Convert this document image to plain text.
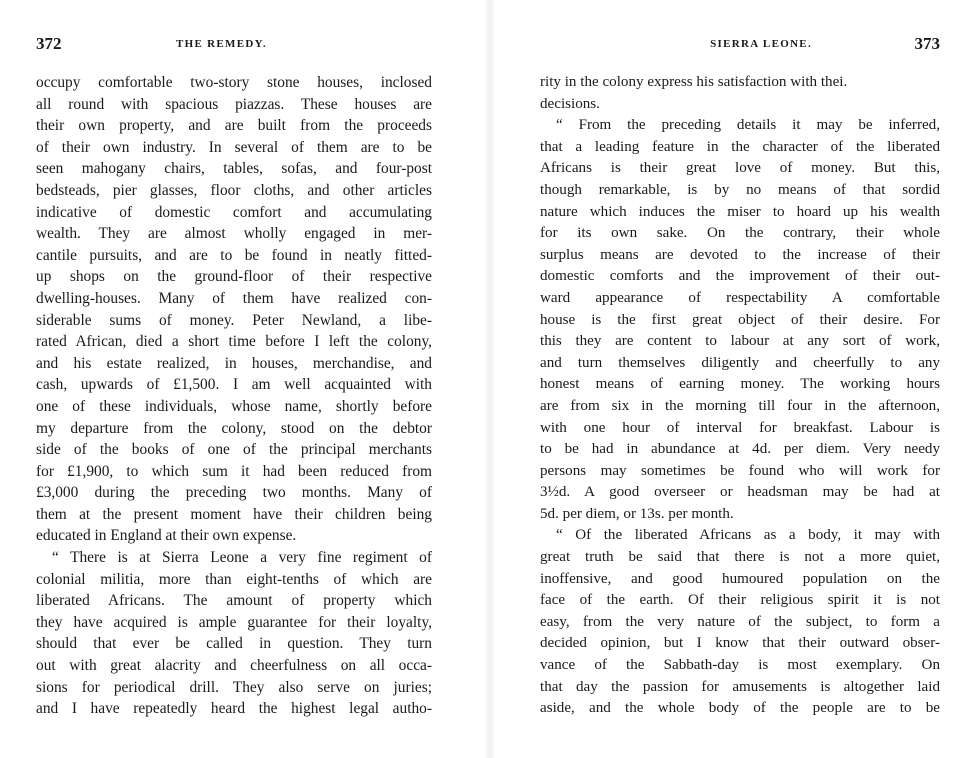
372	THE REMEDY.
occupy comfortable two-story stone houses, inclosed
all round with spacious piazzas. These houses are
their own property, and are built from the proceeds
of their own industry. In several of them are to be
seen mahogany chairs, tables, sofas, and four-post
bedsteads, pier glasses, floor cloths, and other articles
indicative of domestic comfort and accumulating
wealth. They are almost wholly engaged in mer-
cantile pursuits, and are to be found in neatly fitted-
up shops on the ground-floor of their respective
dwelling-houses. Many of them have realized con-
siderable sums of money. Peter Newland, a libe-
rated African, died a short time before I left the colony,
and his estate realized, in houses, merchandise, and
cash, upwards of £1,500. I am well acquainted with
one of these individuals, whose name, shortly before
my departure from the colony, stood on the debtor
side of the books of one of the principal merchants
for £1,900, to which sum it had been reduced from
£3,000 during the preceding two months. Many of
them at the present moment have their children being
educated in England at their own expense.
“ There is at Sierra Leone a very fine regiment of
colonial militia, more than eight-tenths of which are
liberated Africans. The amount of property which
they have acquired is ample guarantee for their loyalty,
should that ever be called in question. They turn
out with great alacrity and cheerfulness on all occa-
sions for periodical drill. They also serve on juries;
and I have repeatedly heard the highest legal autho-
SIERRA LEONE.	373
rity in the colony express his satisfaction with thei.
decisions.
“ From the preceding details it may be inferred,
that a leading feature in the character of the liberated
Africans is their great love of money. But this,
though remarkable, is by no means of that sordid
nature which induces the miser to hoard up his wealth
for its own sake. On the contrary, their whole
surplus means are devoted to the increase of their
domestic comforts and the improvement of their out-
ward appearance of respectability A comfortable
house is the first great object of their desire. For
this they are content to labour at any sort of work,
and turn themselves diligently and cheerfully to any
honest means of earning money. The working hours
are from six in the morning till four in the afternoon,
with one hour of interval for breakfast. Labour is
to be had in abundance at 4d. per diem. Very needy
persons may sometimes be found who will work for
3½d. A good overseer or headsman may be had at
5d. per diem, or 13s. per month.
“ Of the liberated Africans as a body, it may with
great truth be said that there is not a more quiet,
inoffensive, and good humoured population on the
face of the earth. Of their religious spirit it is not
easy, from the very nature of the subject, to form a
decided opinion, but I know that their outward obser-
vance of the Sabbath-day is most exemplary. On
that day the passion for amusements is altogether laid
aside, and the whole body of the people are to be
